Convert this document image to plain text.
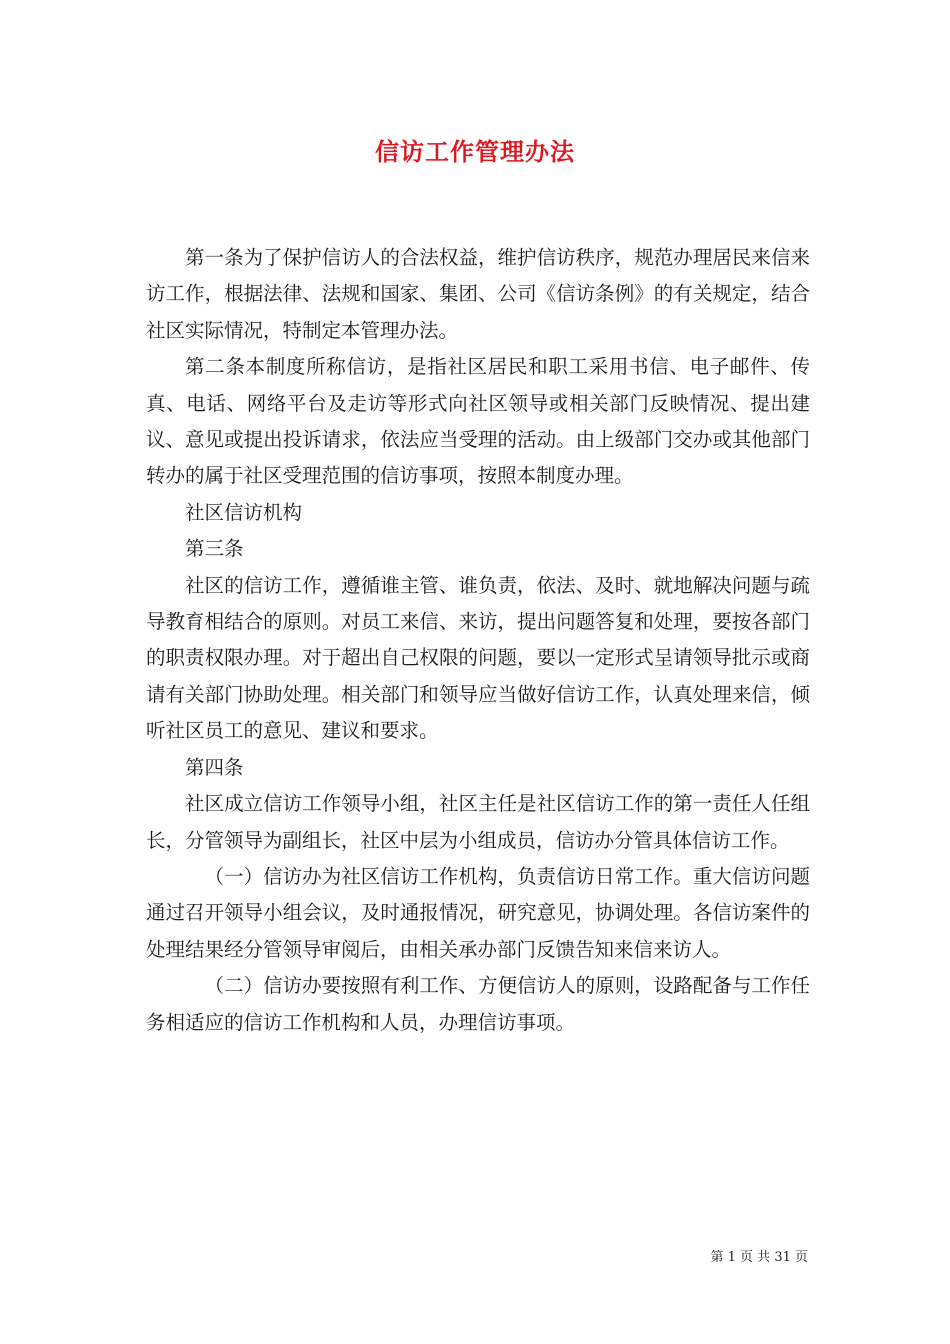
信访工作管理办法

第一条为了保护信访人的合法权益，维护信访秩序，规范办理居民来信来访工作，根据法律、法规和国家、集团、公司《信访条例》的有关规定，结合社区实际情况，特制定本管理办法。

第二条本制度所称信访，是指社区居民和职工采用书信、电子邮件、传真、电话、网络平台及走访等形式向社区领导或相关部门反映情况、提出建议、意见或提出投诉请求，依法应当受理的活动。由上级部门交办或其他部门转办的属于社区受理范围的信访事项，按照本制度办理。

社区信访机构

第三条

社区的信访工作，遵循谁主管、谁负责，依法、及时、就地解决问题与疏导教育相结合的原则。对员工来信、来访，提出问题答复和处理，要按各部门的职责权限办理。对于超出自己权限的问题，要以一定形式呈请领导批示或商请有关部门协助处理。相关部门和领导应当做好信访工作，认真处理来信，倾听社区员工的意见、建议和要求。

第四条

社区成立信访工作领导小组，社区主任是社区信访工作的第一责任人任组长，分管领导为副组长，社区中层为小组成员，信访办分管具体信访工作。

（一）信访办为社区信访工作机构，负责信访日常工作。重大信访问题通过召开领导小组会议，及时通报情况，研究意见，协调处理。各信访案件的处理结果经分管领导审阅后，由相关承办部门反馈告知来信来访人。

（二）信访办要按照有利工作、方便信访人的原则，设路配备与工作任务相适应的信访工作机构和人员，办理信访事项。

第 1 页 共 31 页
